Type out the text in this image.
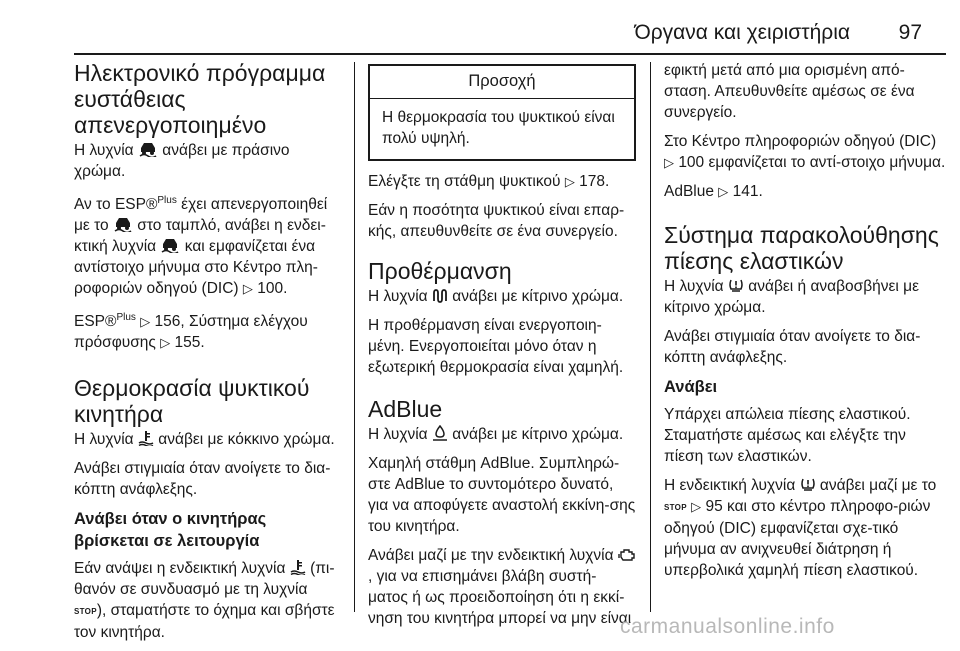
Όργανα και χειριστήρια 97
Ηλεκτρονικό πρόγραμμα ευστάθειας απενεργοποιημένο

Η λυχνία ανάβει με πράσινο χρώμα.

Αν το ESP®$^{Plus}$ έχει απενεργοποιηθεί με το στο ταμπλό, ανάβει η ενδει-κτική λυχνία και εμφανίζεται ένα αντίστοιχο μήνυμα στο Κέντρο πλη-ροφοριών οδηγού (DIC) ▷ 100.

ESP®$^{Plus}$ ▷ 156, Σύστημα ελέγχου πρόσφυσης ▷ 155.

Θερμοκρασία ψυκτικού κινητήρα

Η λυχνία ανάβει με κόκκινο χρώμα.

Ανάβει στιγμιαία όταν ανοίγετε το δια-κόπτη ανάφλεξης.

Ανάβει όταν ο κινητήρας βρίσκεται σε λειτουργία

Εάν ανάψει η ενδεικτική λυχνία (πι-θανόν σε συνδυασμό με τη λυχνία STOP), σταματήστε το όχημα και σβήστε τον κινητήρα.

Προσοχή
Η θερμοκρασία του ψυκτικού είναι πολύ υψηλή.

Ελέγξτε τη στάθμη ψυκτικού ▷ 178.

Εάν η ποσότητα ψυκτικού είναι επαρ-κής, απευθυνθείτε σε ένα συνεργείο.

Προθέρμανση

Η λυχνία ανάβει με κίτρινο χρώμα.

Η προθέρμανση είναι ενεργοποιη-μένη. Ενεργοποιείται μόνο όταν η εξωτερική θερμοκρασία είναι χαμηλή.

AdBlue

Η λυχνία ανάβει με κίτρινο χρώμα.

Χαμηλή στάθμη AdBlue. Συμπληρώ-στε AdBlue το συντομότερο δυνατό, για να αποφύγετε αναστολή εκκίνη-σης του κινητήρα.

Ανάβει μαζί με την ενδεικτική λυχνία  , για να επισημάνει βλάβη συστή-ματος ή ως προειδοποίηση ότι η εκκί-νηση του κινητήρα μπορεί να μην είναι

εφικτή μετά από μια ορισμένη από-σταση. Απευθυνθείτε αμέσως σε ένα συνεργείο.

Στο Κέντρο πληροφοριών οδηγού (DIC) ▷ 100 εμφανίζεται το αντί-στοιχο μήνυμα.

AdBlue ▷ 141.

Σύστημα παρακολούθησης πίεσης ελαστικών

Η λυχνία ανάβει ή αναβοσβήνει με κίτρινο χρώμα.

Ανάβει στιγμιαία όταν ανοίγετε το δια-κόπτη ανάφλεξης.

Ανάβει

Υπάρχει απώλεια πίεσης ελαστικού. Σταματήστε αμέσως και ελέγξτε την πίεση των ελαστικών.

Η ενδεικτική λυχνία ανάβει μαζί με το STOP ▷ 95 και στο κέντρο πληροφο-ριών οδηγού (DIC) εμφανίζεται σχε-τικό μήνυμα αν ανιχνευθεί διάτρηση ή υπερβολικά χαμηλή πίεση ελαστικού.

carmanualsonline.info
